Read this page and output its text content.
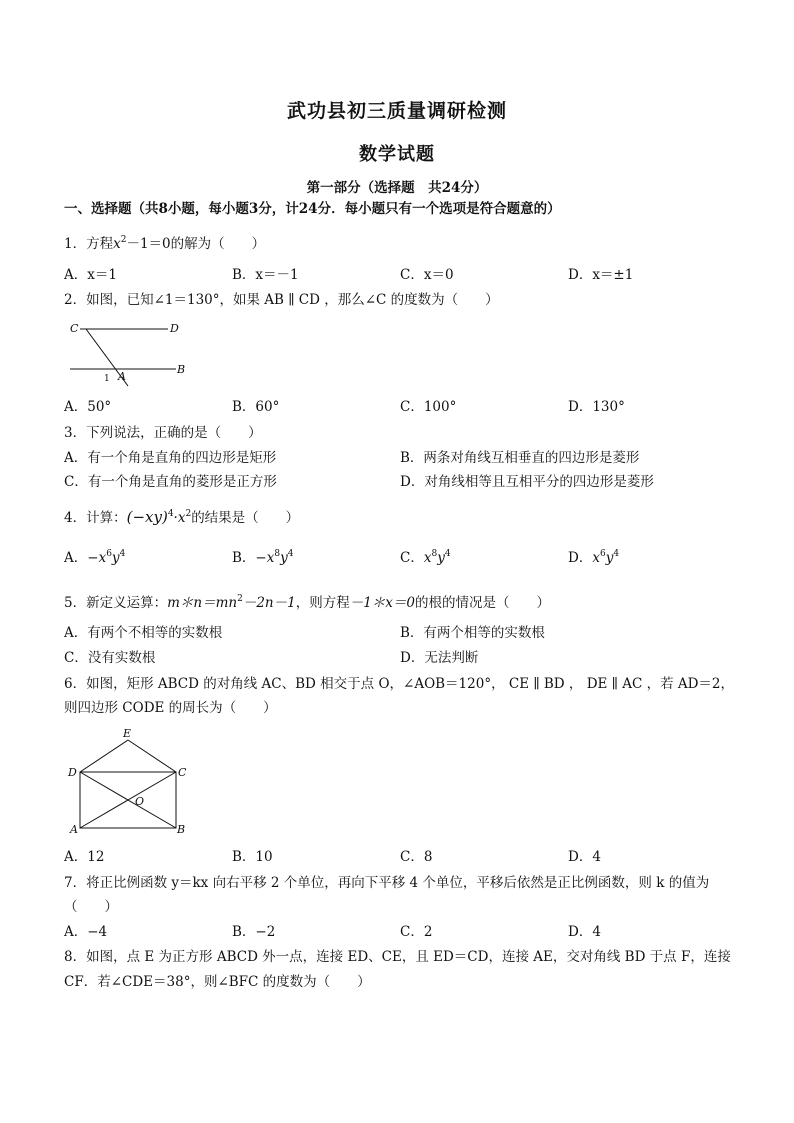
武功县初三质量调研检测
数学试题
第一部分（选择题　共24分）
一、选择题（共8小题，每小题3分，计24分．每小题只有一个选项是符合题意的）
1．方程$x^2-1=0$的解为（　　）
A．x＝1	B．x＝－1	C．x＝0	D．x＝±1
2．如图，已知∠1＝130°，如果 AB ∥ CD ，那么∠C 的度数为（　　）
C	D
B
A
1
A．50°	B．60°	C．100°	D．130°
3．下列说法，正确的是（　　）
A．有一个角是直角的四边形是矩形	B．两条对角线互相垂直的四边形是菱形
C．有一个角是直角的菱形是正方形	D．对角线相等且互相平分的四边形是菱形
4．计算：$(-xy)^4\cdot x^2$的结果是（　　）
A．$-x^6y^4$	B．$-x^8y^4$	C．$x^8y^4$	D．$x^6y^4$
5．新定义运算：$m*n=mn^2-2n-1$，则方程－1＊x＝0的根的情况是（　　）
A．有两个不相等的实数根	B．有两个相等的实数根
C．没有实数根	D．无法判断
6．如图，矩形 ABCD 的对角线 AC、BD 相交于点 O，∠AOB＝120°， CE ∥ BD ， DE ∥ AC ，若 AD＝2，
则四边形 CODE 的周长为（　　）
E
D	C
O
A	B
A．12	B．10	C．8	D．4
7．将正比例函数 y＝kx 向右平移 2 个单位，再向下平移 4 个单位，平移后依然是正比例函数，则 k 的值为
（　　）
A．−4	B．−2	C．2	D．4
8．如图，点 E 为正方形 ABCD 外一点，连接 ED、CE，且 ED＝CD，连接 AE，交对角线 BD 于点 F，连接
CF．若∠CDE＝38°，则∠BFC 的度数为（　　）
